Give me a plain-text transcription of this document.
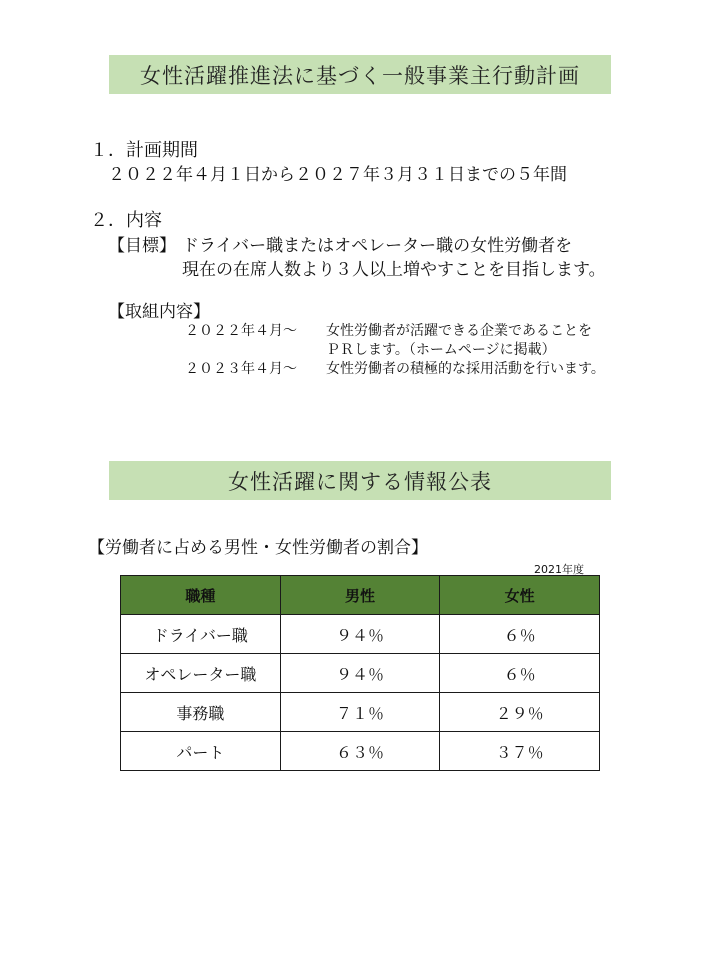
女性活躍推進法に基づく一般事業主行動計画
１．計画期間
２０２２年４月１日から２０２７年３月３１日までの５年間
２．内容
【目標】 ドライバー職またはオペレーター職の女性労働者を
現在の在席人数より３人以上増やすことを目指します。
【取組内容】
２０２２年４月～ 女性労働者が活躍できる企業であることを
ＰＲします。（ホームページに掲載）
２０２３年４月～ 女性労働者の積極的な採用活動を行います。
女性活躍に関する情報公表
【労働者に占める男性・女性労働者の割合】
2021年度
職種	男性	女性
ドライバー職	９４％	６％
オペレーター職	９４％	６％
事務職	７１％	２９％
パート	６３％	３７％
